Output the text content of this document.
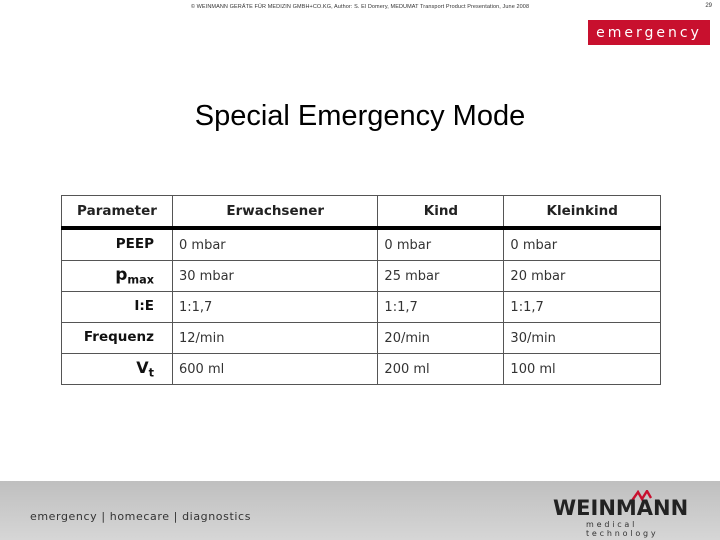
© WEINMANN GERÄTE FÜR MEDIZIN GMBH+CO.KG, Author: S. El Domery, MEDUMAT Transport Product Presentation, June 2008	29
emergency
Special Emergency Mode
Parameter	Erwachsener	Kind	Kleinkind
PEEP	0 mbar	0 mbar	0 mbar
$p_{max}$	30 mbar	25 mbar	20 mbar
I:E	1:1,7	1:1,7	1:1,7
Frequenz	12/min	20/min	30/min
$V_t$	600 ml	200 ml	100 ml
emergency | homecare | diagnostics	WEINMANN
medical technology
